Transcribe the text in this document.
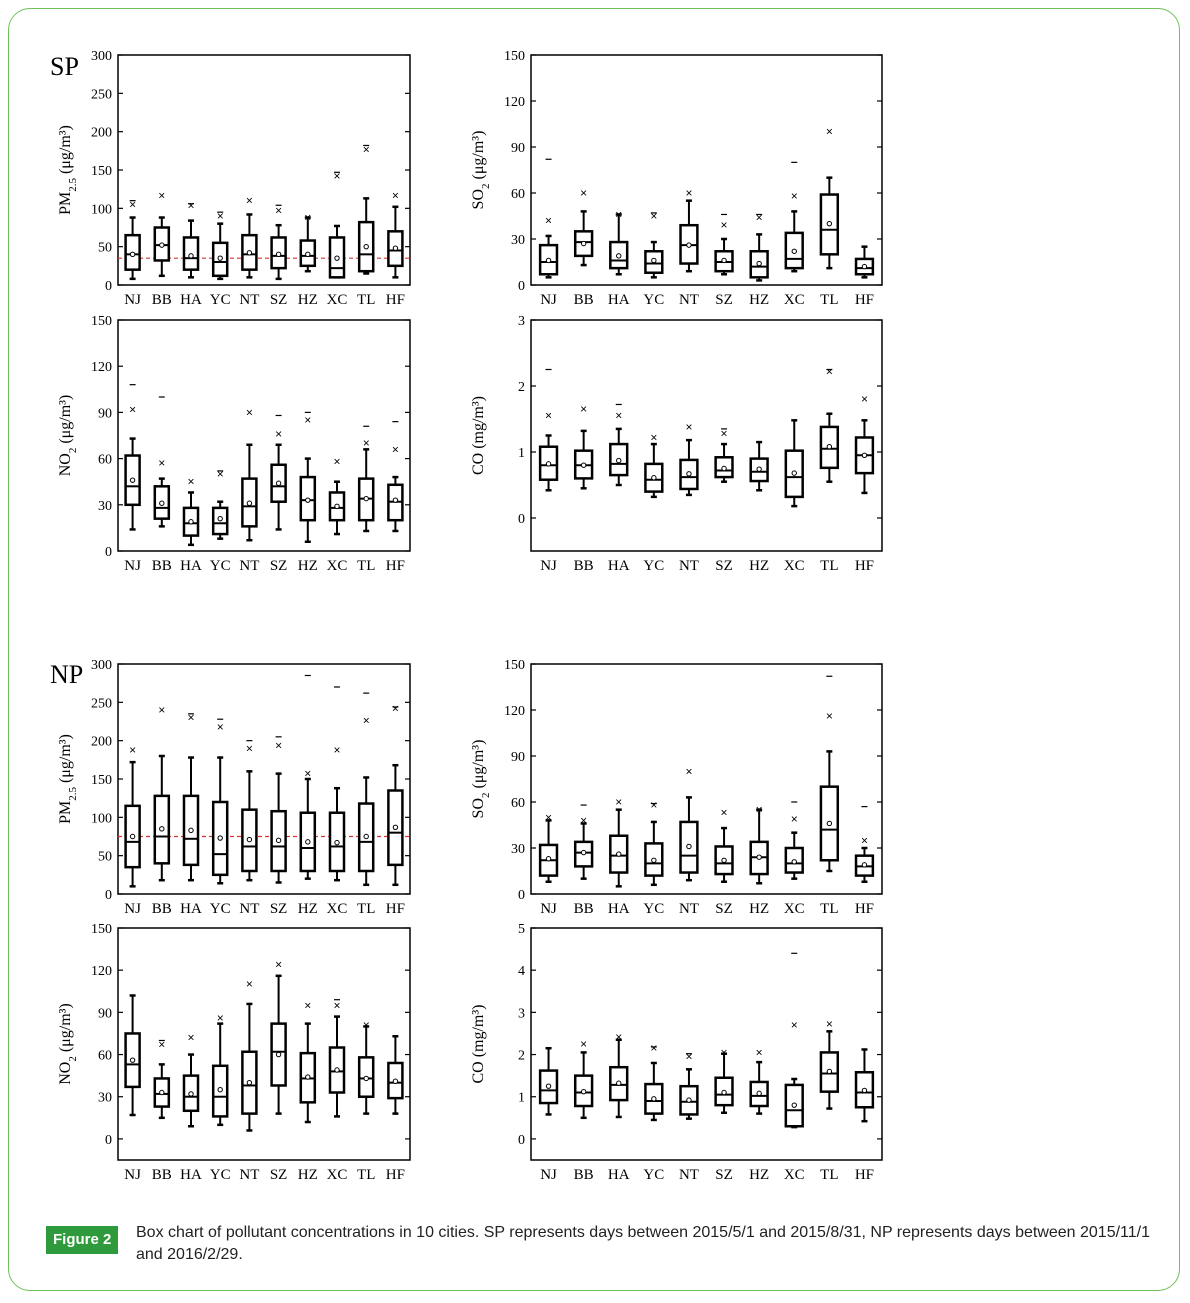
SP
NP
0
50
100
150
200
250
300
$PM_{2.5}$ (μg/m³)
×
NJ
×
BB
×
HA
×
YC
×
NT
×
SZ
×
HZ
×
XC
×
TL
×
HF
0
30
60
90
120
150
$SO_2$ (μg/m³)
×
NJ
×
BB
×
HA
×
YC
×
NT
×
SZ
×
HZ
×
XC
×
TL HF
0
30
60
90
120
150
$NO_2$ (μg/m³)	×
NJ
×
BB
×
HA
×
YC
×
NT
×
SZ
×
HZ
×
XC
×
TL
×
HF
0
1
2
3
CO (mg/m³)	×
NJ
×
BB
×
HA
×
YC
×
NT
×
SZ HZ XC
×
TL
×
HF
0
50
100
150
200
250
300
$PM_{2.5}$ (μg/m³)	×
NJ
×
BB
×
HA
×
YC
×
NT
×
SZ
×
HZ
×
XC
×
TL
×
HF
0
30
60
90
120
150
$SO_2$ (μg/m³)
×
NJ
×
BB
×
HA
×
YC
×
NT
×
SZ
×
HZ
×
XC
×
TL
×
HF
0
30
60
90
120
150
$NO_2$ (μg/m³)
NJ
×
BB
×
HA
×
YC
×
NT
×
SZ
×
HZ
×
XC
×
TL HF
0
1
2
3
4
5
CO (mg/m³)
NJ
×
BB
×
HA
×
YC
×
NT
×
SZ
×
HZ
×
XC
×
TL HF
Figure 2	Box chart of pollutant concentrations in 10 cities. SP represents days between 2015/5/1 and 2015/8/31, NP represents days between 2015/11/1 and 2016/2/29.
